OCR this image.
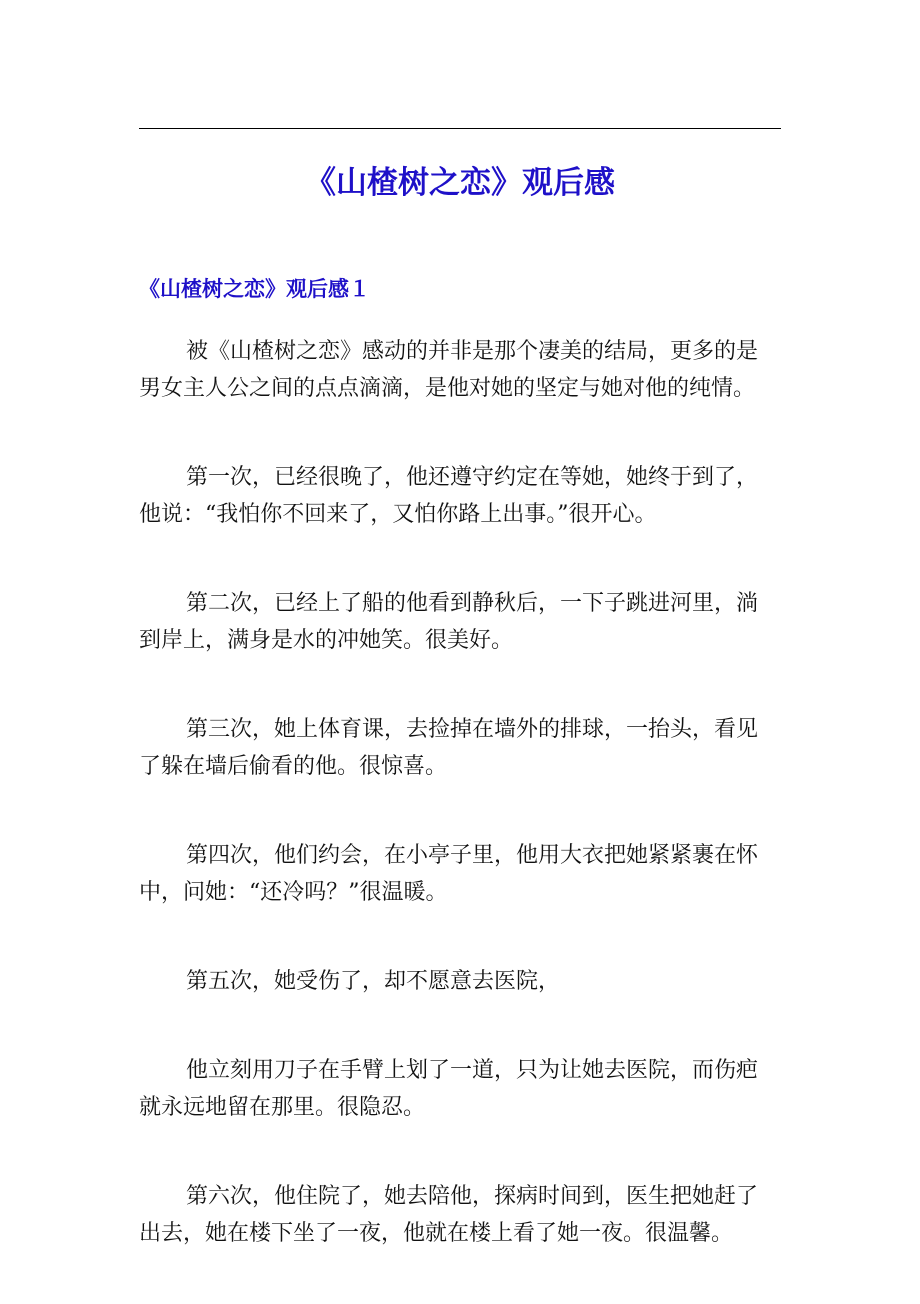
《山楂树之恋》观后感
《山楂树之恋》观后感１

被《山楂树之恋》感动的并非是那个凄美的结局，更多的是
男女主人公之间的点点滴滴，是他对她的坚定与她对他的纯情。

第一次，已经很晚了，他还遵守约定在等她，她终于到了，
他说：“我怕你不回来了，又怕你路上出事。”很开心。

第二次，已经上了船的他看到静秋后，一下子跳进河里，淌
到岸上，满身是水的冲她笑。很美好。

第三次，她上体育课，去捡掉在墙外的排球，一抬头，看见
了躲在墙后偷看的他。很惊喜。

第四次，他们约会，在小亭子里，他用大衣把她紧紧裹在怀
中，问她：“还冷吗？”很温暖。

第五次，她受伤了，却不愿意去医院，

他立刻用刀子在手臂上划了一道，只为让她去医院，而伤疤
就永远地留在那里。很隐忍。

第六次，他住院了，她去陪他，探病时间到，医生把她赶了
出去，她在楼下坐了一夜，他就在楼上看了她一夜。很温馨。
